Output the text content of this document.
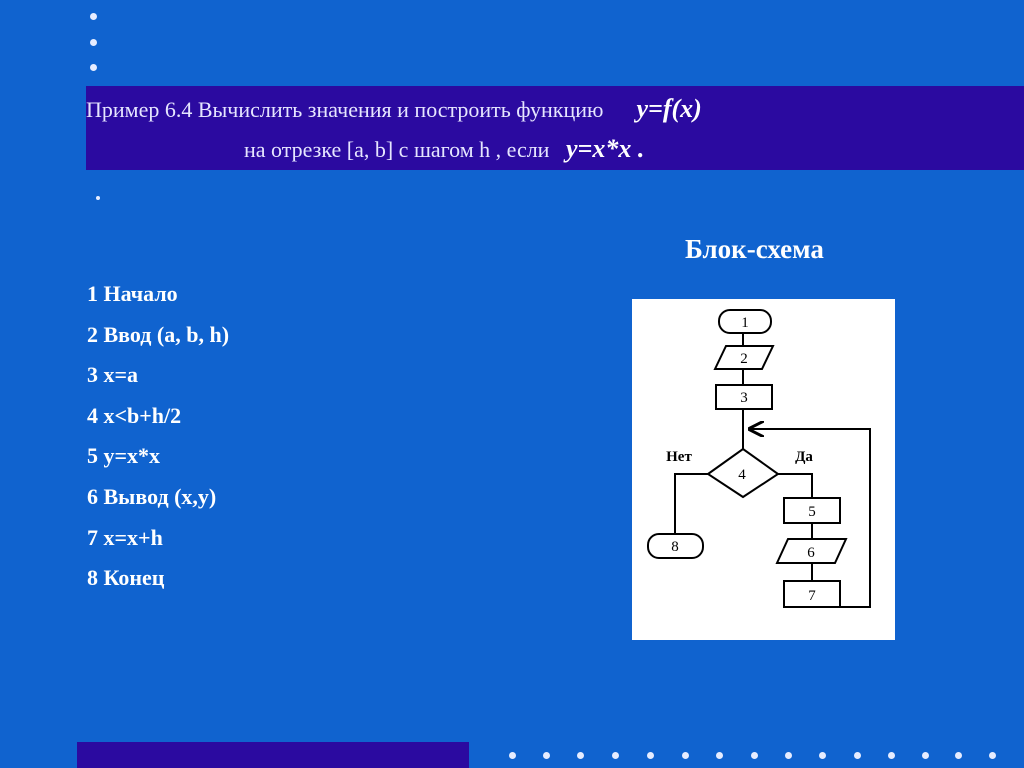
Пример 6.4 Вычислить значения и построить функцию y=f(x)
на отрезке [a, b] с шагом h , если y=x*x .
Блок-схема
1 Начало
2 Ввод (a, b, h)
3 x=a
4 x<b+h/2
5 y=x*x
6 Вывод (x,y)
7 x=x+h
8 Конец
1
2
3
4
5
6
7
8
Нет	Да
